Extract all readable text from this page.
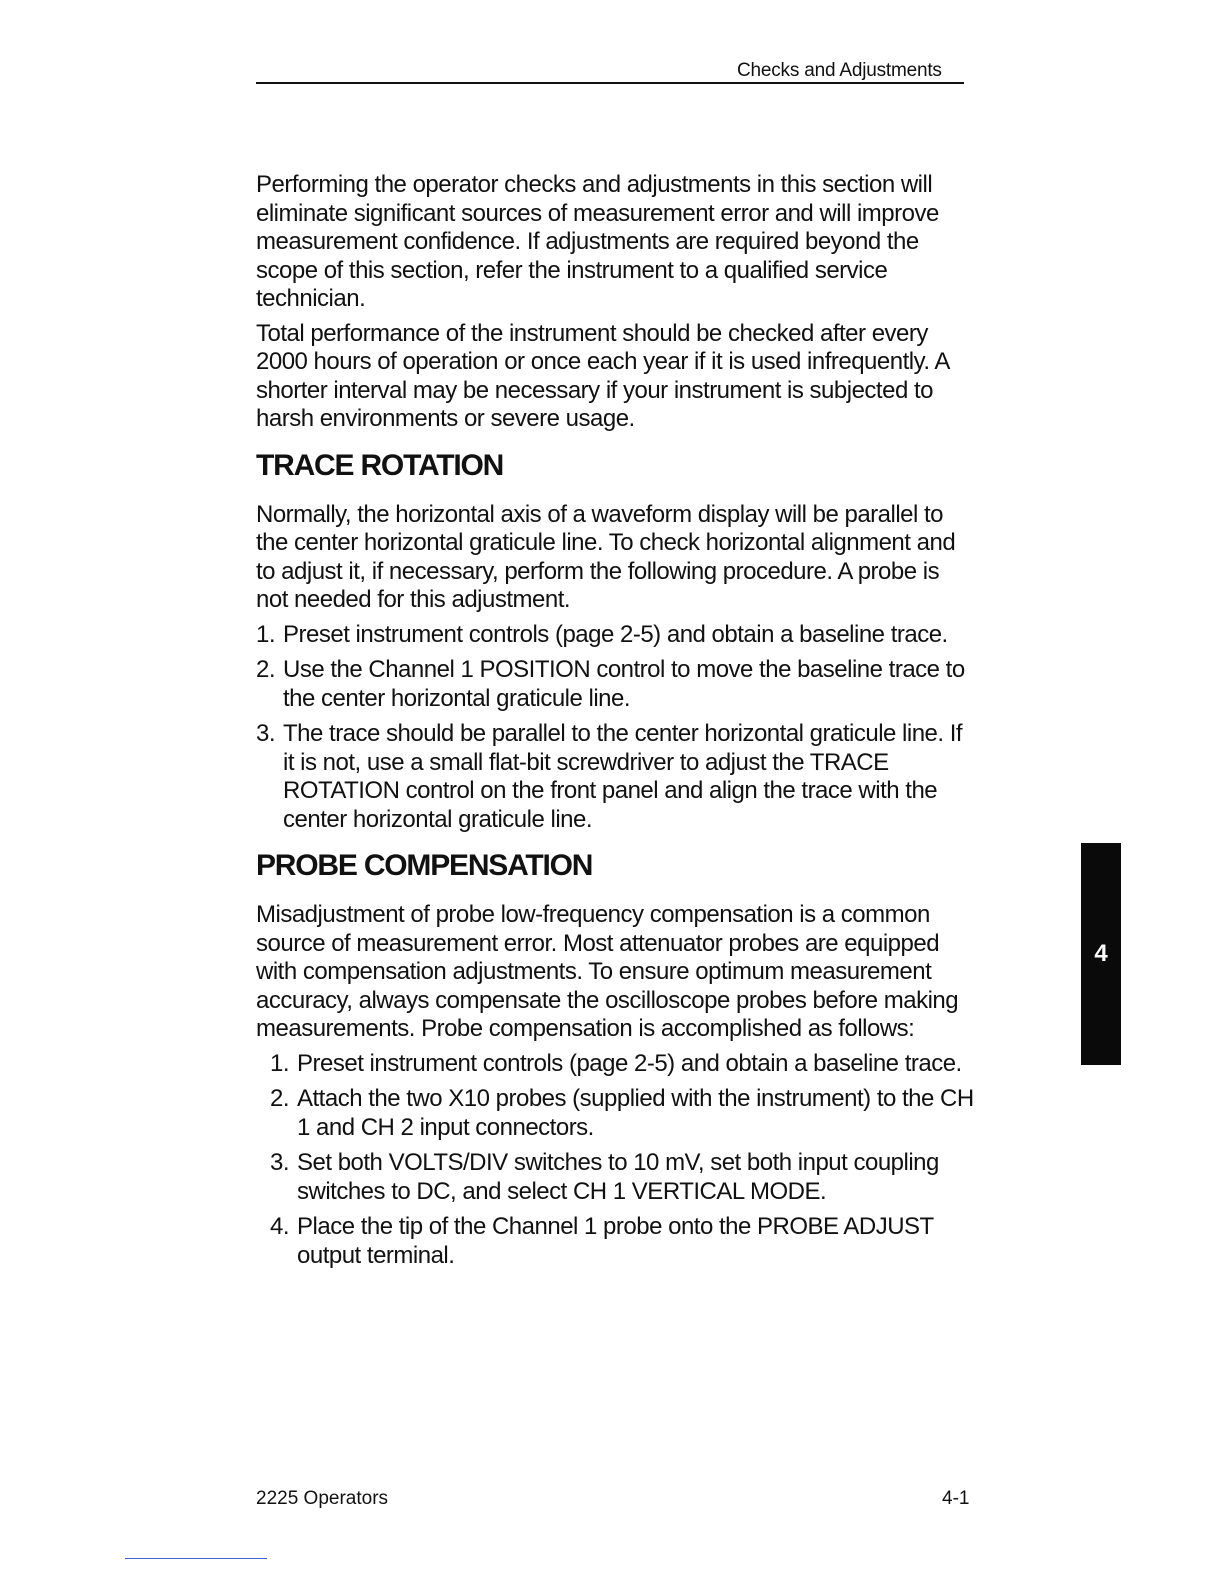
Checks and Adjustments

Performing the operator checks and adjustments in this section will eliminate significant sources of measurement error and will improve measurement confidence. If adjustments are required beyond the scope of this section, refer the instrument to a qualified service technician.

Total performance of the instrument should be checked after every 2000 hours of operation or once each year if it is used infrequently. A shorter interval may be necessary if your instrument is subjected to harsh environments or severe usage.

TRACE ROTATION

Normally, the horizontal axis of a waveform display will be parallel to the center horizontal graticule line. To check horizontal alignment and to adjust it, if necessary, perform the following procedure. A probe is not needed for this adjustment.

1. Preset instrument controls (page 2-5) and obtain a baseline trace.
2. Use the Channel 1 POSITION control to move the baseline trace to the center horizontal graticule line.
3. The trace should be parallel to the center horizontal graticule line. If it is not, use a small flat-bit screwdriver to adjust the TRACE ROTATION control on the front panel and align the trace with the center horizontal graticule line.
PROBE COMPENSATION

Misadjustment of probe low-frequency compensation is a common source of measurement error. Most attenuator probes are equipped with compensation adjustments. To ensure optimum measurement accuracy, always compensate the oscilloscope probes before making measurements. Probe compensation is accomplished as follows:

1. Preset instrument controls (page 2-5) and obtain a baseline trace.
2. Attach the two X10 probes (supplied with the instrument) to the CH 1 and CH 2 input connectors.
3. Set both VOLTS/DIV switches to 10 mV, set both input coupling switches to DC, and select CH 1 VERTICAL MODE.
4. Place the tip of the Channel 1 probe onto the PROBE ADJUST output terminal.
4
2225 Operators	4-1
